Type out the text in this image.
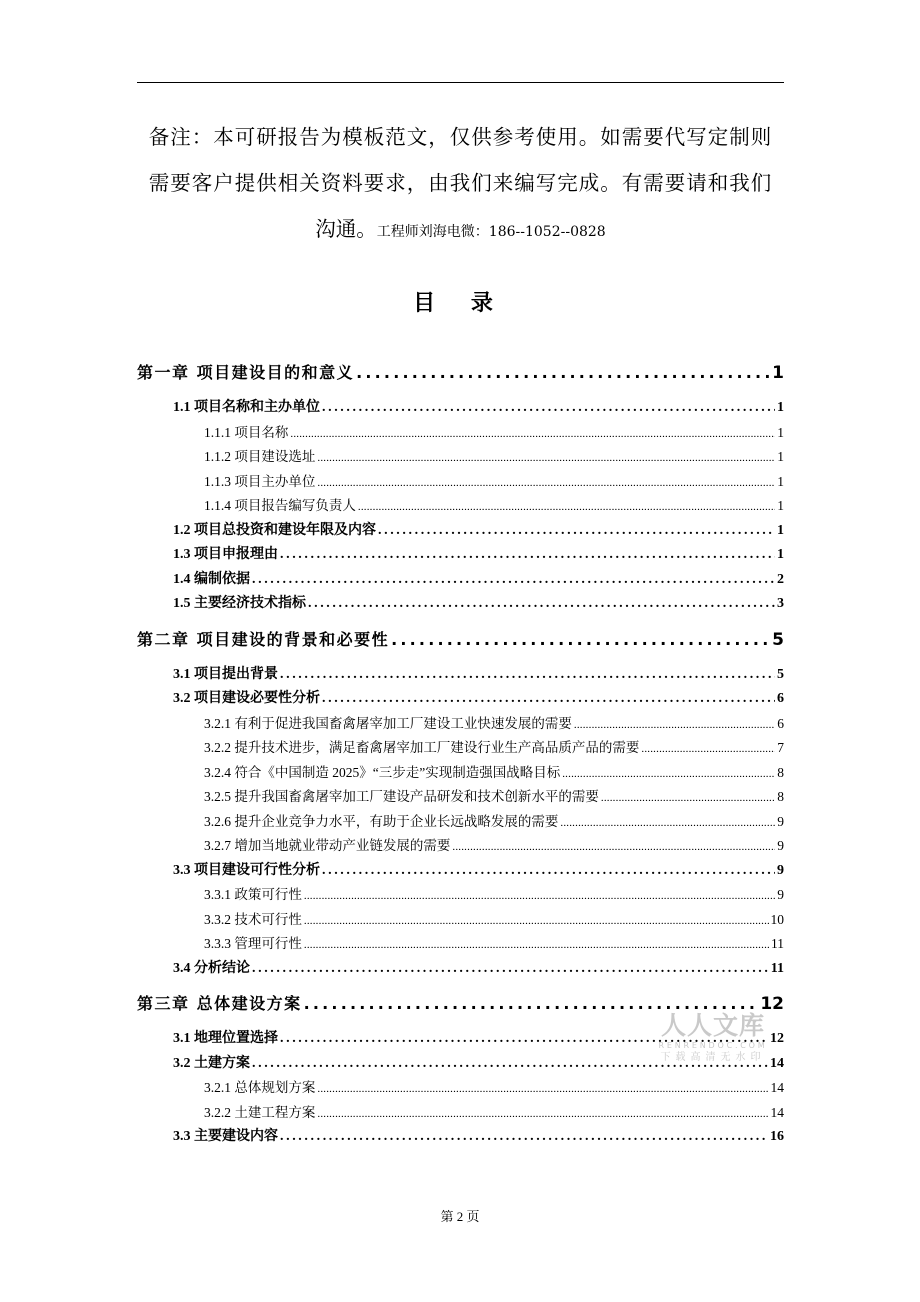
备注：本可研报告为模板范文，仅供参考使用。如需要代写定制则
需要客户提供相关资料要求，由我们来编写完成。有需要请和我们
沟通。工程师刘海电微：186--1052--0828
目 录
第一章 项目建设目的和意义 .....	1
1.1 项目名称和主办单位 .....	1
1.1.1 项目名称 .....	1
1.1.2 项目建设选址 .....	1
1.1.3 项目主办单位 .....	1
1.1.4 项目报告编写负责人 .....	1
1.2 项目总投资和建设年限及内容 .....	1
1.3 项目申报理由 .....	1
1.4 编制依据 .....	2
1.5 主要经济技术指标 .....	3
第二章 项目建设的背景和必要性 .....	5
3.1 项目提出背景 .....	5
3.2 项目建设必要性分析 .....	6
3.2.1 有利于促进我国畜禽屠宰加工厂建设工业快速发展的需要 .....	6
3.2.2 提升技术进步，满足畜禽屠宰加工厂建设行业生产高品质产品的需要 .....	7
3.2.4 符合《中国制造 2025》“三步走”实现制造强国战略目标 .....	8
3.2.5 提升我国畜禽屠宰加工厂建设产品研发和技术创新水平的需要 .....	8
3.2.6 提升企业竞争力水平，有助于企业长远战略发展的需要 .....	9
3.2.7 增加当地就业带动产业链发展的需要 .....	9
3.3 项目建设可行性分析 .....	9
3.3.1 政策可行性 .....	9
3.3.2 技术可行性 .....	10
3.3.3 管理可行性 .....	11
3.4 分析结论 .....	11
第三章 总体建设方案 .....	12
3.1 地理位置选择 .....	12
3.2 土建方案 .....	14
3.2.1 总体规划方案 .....	14
3.2.2 土建工程方案 .....	14
3.3 主要建设内容 .....	16
人人文库
RENRENDOC.COM
下载高清无水印
第 2 页
